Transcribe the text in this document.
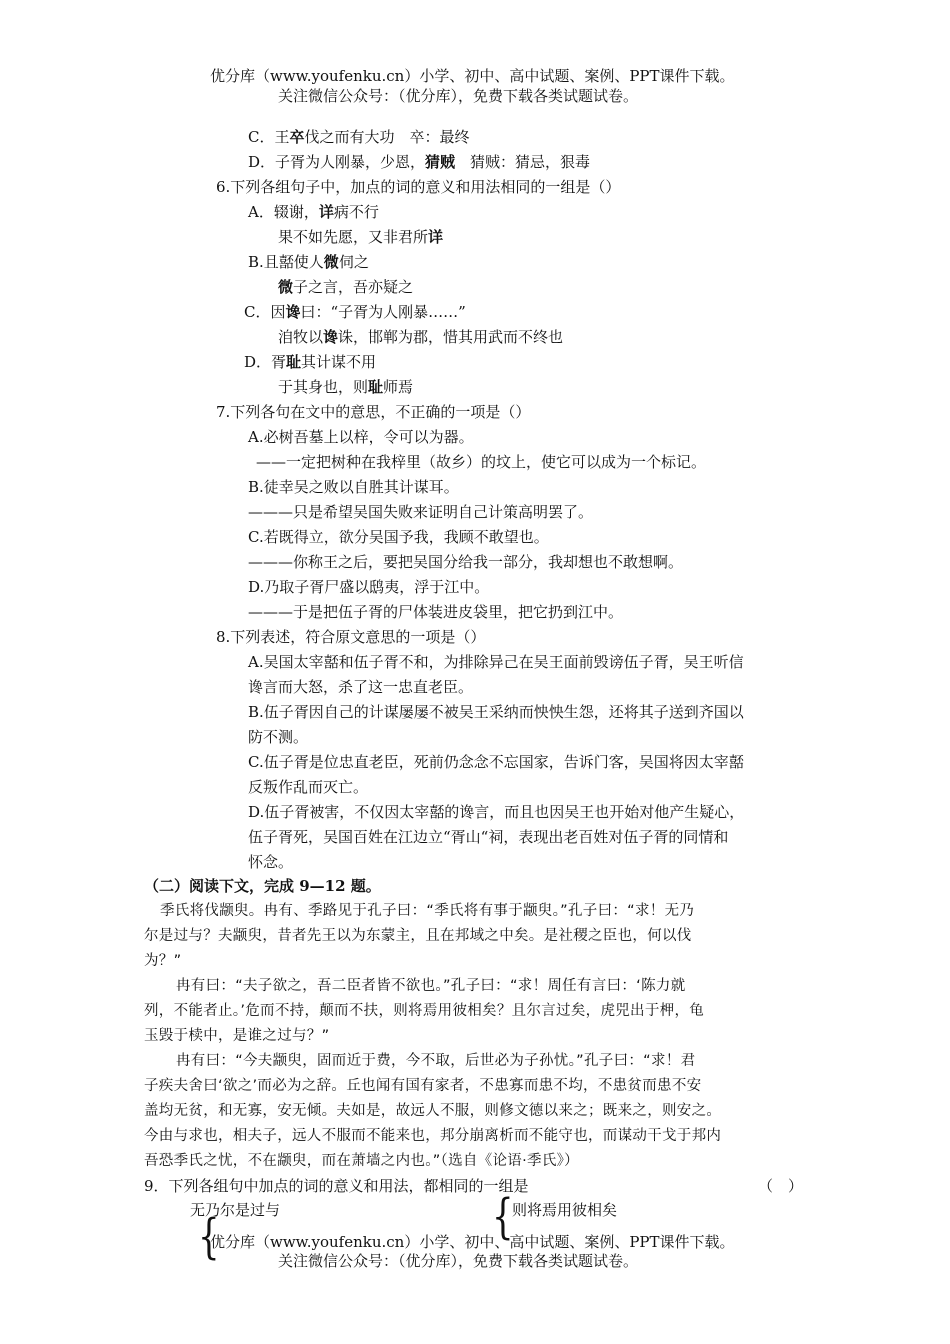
优分库（www.youfenku.cn）小学、初中、高中试题、案例、PPT课件下载。
关注微信公众号：（优分库），免费下载各类试题试卷。
C．王卒伐之而有大功　卒：最终
D．子胥为人刚暴，少恩，猜贼　猜贼：猜忌，狠毒
6.下列各组句子中，加点的词的意义和用法相同的一组是（）
A．辍谢，详病不行
果不如先愿，又非君所详
B.且嚭使人微伺之
微子之言，吾亦疑之
C．因谗曰：“子胥为人刚暴……”
洎牧以谗诛，邯郸为郡，惜其用武而不终也
D．胥耻其计谋不用
于其身也，则耻师焉
7.下列各句在文中的意思，不正确的一项是（）
A.必树吾墓上以梓，令可以为器。
——一定把树种在我梓里（故乡）的坟上，使它可以成为一个标记。
B.徒幸吴之败以自胜其计谋耳。
———只是希望吴国失败来证明自己计策高明罢了。
C.若既得立，欲分吴国予我，我顾不敢望也。
———你称王之后，要把吴国分给我一部分，我却想也不敢想啊。
D.乃取子胥尸盛以鸱夷，浮于江中。
———于是把伍子胥的尸体装进皮袋里，把它扔到江中。
8.下列表述，符合原文意思的一项是（）
A.吴国太宰嚭和伍子胥不和，为排除异己在吴王面前毁谤伍子胥，吴王听信
谗言而大怒，杀了这一忠直老臣。
B.伍子胥因自己的计谋屡屡不被吴王采纳而怏怏生怨，还将其子送到齐国以
防不测。
C.伍子胥是位忠直老臣，死前仍念念不忘国家，告诉门客，吴国将因太宰嚭
反叛作乱而灭亡。
D.伍子胥被害，不仅因太宰嚭的谗言，而且也因吴王也开始对他产生疑心，
伍子胥死，吴国百姓在江边立“胥山“祠，表现出老百姓对伍子胥的同情和
怀念。
（二）阅读下文，完成 9—12 题。
季氏将伐颛臾。冉有、季路见于孔子曰：“季氏将有事于颛臾。”孔子曰：“求！无乃
尔是过与？夫颛臾，昔者先王以为东蒙主，且在邦域之中矣。是社稷之臣也，何以伐
为？”
冉有曰：“夫子欲之，吾二臣者皆不欲也。”孔子曰：“求！周任有言曰：‘陈力就
列，不能者止。’危而不持，颠而不扶，则将焉用彼相矣？且尔言过矣，虎兕出于柙，龟
玉毁于椟中，是谁之过与？”
冉有曰：“今夫颛臾，固而近于费，今不取，后世必为子孙忧。”孔子曰：“求！君
子疾夫舍曰‘欲之’而必为之辞。丘也闻有国有家者，不患寡而患不均，不患贫而患不安
盖均无贫，和无寡，安无倾。夫如是，故远人不服，则修文德以来之；既来之，则安之。
今由与求也，相夫子，远人不服而不能来也，邦分崩离析而不能守也，而谋动干戈于邦内
吾恐季氏之忧，不在颛臾，而在萧墙之内也。”（选自《论语·季氏》）
9．下列各组句中加点的词的意义和用法，都相同的一组是	（　）
无乃尔是过与	则将焉用彼相矣
{	{
优分库（www.youfenku.cn）小学、初中、高中试题、案例、PPT课件下载。
关注微信公众号：（优分库），免费下载各类试题试卷。
